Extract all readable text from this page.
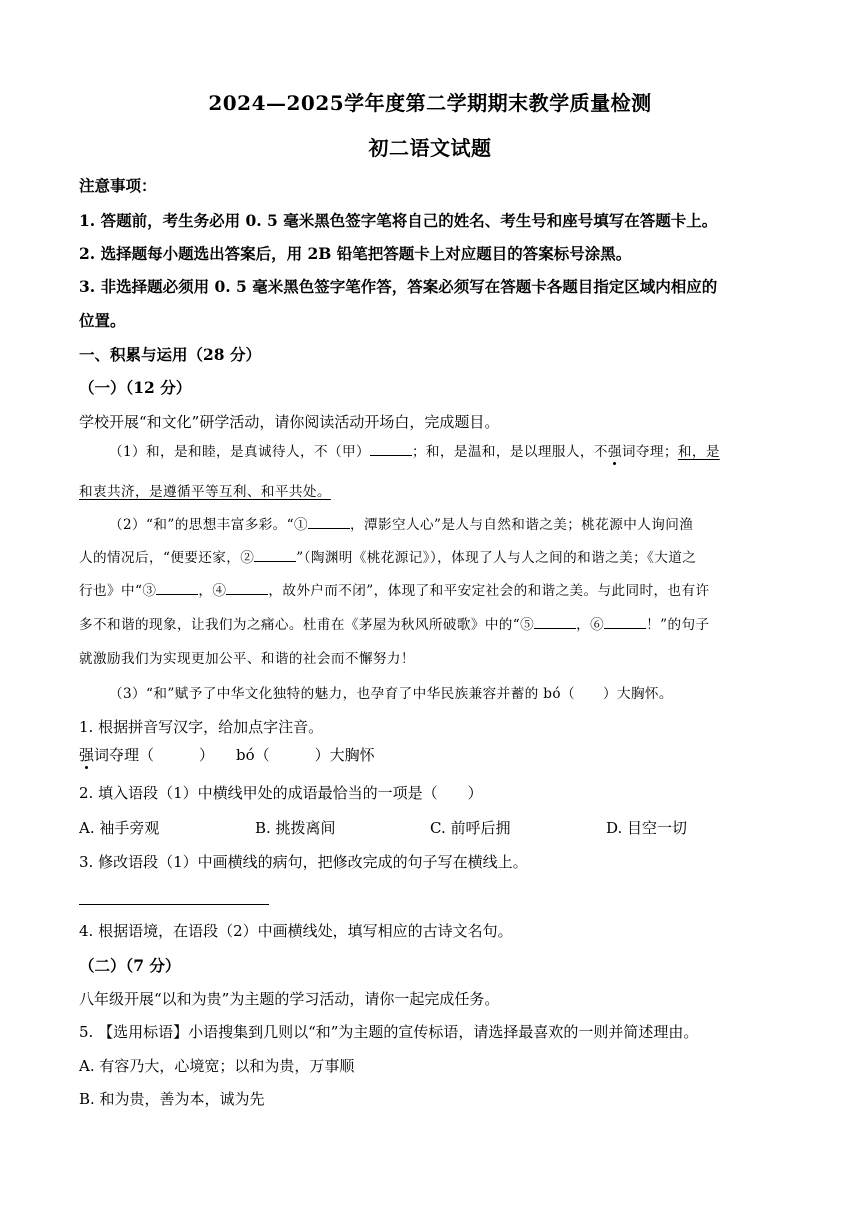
2024—2025学年度第二学期期末教学质量检测
初二语文试题
注意事项：
1. 答题前，考生务必用 0. 5 毫米黑色签字笔将自己的姓名、考生号和座号填写在答题卡上。
2. 选择题每小题选出答案后，用 2B 铅笔把答题卡上对应题目的答案标号涂黑。
3. 非选择题必须用 0. 5 毫米黑色签字笔作答，答案必须写在答题卡各题目指定区域内相应的
位置。
一、积累与运用（28 分）
（一）（12 分）
学校开展“和文化”研学活动，请你阅读活动开场白，完成题目。
（1）和，是和睦，是真诚待人，不（甲）	；和，是温和，是以理服人，不强词夺理；和，是
和衷共济，是遵循平等互利、和平共处。
（2）“和”的思想丰富多彩。“①	，潭影空人心”是人与自然和谐之美；桃花源中人询问渔
人的情况后，“便要还家，②	”（陶渊明《桃花源记》），体现了人与人之间的和谐之美；《大道之
行也》中“③	，④	，故外户而不闭”，体现了和平安定社会的和谐之美。与此同时，也有许
多不和谐的现象，让我们为之痛心。杜甫在《茅屋为秋风所破歌》中的“⑤	，⑥	！”的句子
就激励我们为实现更加公平、和谐的社会而不懈努力！
（3）“和”赋予了中华文化独特的魅力，也孕育了中华民族兼容并蓄的 bó（　　）大胸怀。
1. 根据拼音写汉字，给加点字注音。
强词夺理（　　　） bó（　　　）大胸怀
2. 填入语段（1）中横线甲处的成语最恰当的一项是（　　）
A. 袖手旁观	B. 挑拨离间	C. 前呼后拥	D. 目空一切
3. 修改语段（1）中画横线的病句，把修改完成的句子写在横线上。
4. 根据语境，在语段（2）中画横线处，填写相应的古诗文名句。
（二）（7 分）
八年级开展“以和为贵”为主题的学习活动，请你一起完成任务。
5. 【选用标语】小语搜集到几则以“和”为主题的宣传标语，请选择最喜欢的一则并简述理由。
A. 有容乃大，心境宽；以和为贵，万事顺
B. 和为贵，善为本，诚为先
